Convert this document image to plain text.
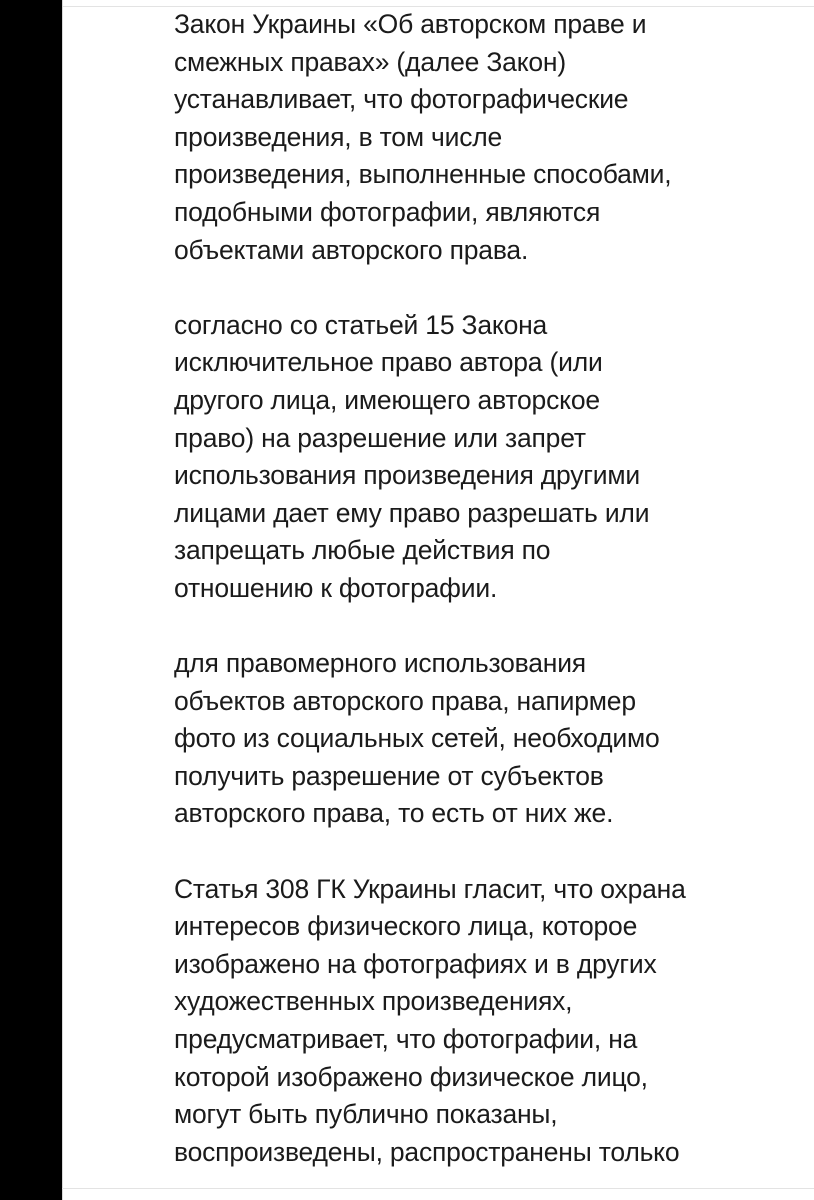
Закон Украины «Об авторском праве и
смежных правах» (далее Закон)
устанавливает, что фотографические
произведения, в том числе
произведения, выполненные способами,
подобными фотографии, являются
объектами авторского права.

согласно со статьей 15 Закона
исключительное право автора (или
другого лица, имеющего авторское
право) на разрешение или запрет
использования произведения другими
лицами дает ему право разрешать или
запрещать любые действия по
отношению к фотографии.

для правомерного использования
объектов авторского права, напирмер
фото из социальных сетей, необходимо
получить разрешение от субъектов
авторского права, то есть от них же.

Статья 308 ГК Украины гласит, что охрана
интересов физического лица, которое
изображено на фотографиях и в других
художественных произведениях,
предусматривает, что фотографии, на
которой изображено физическое лицо,
могут быть публично показаны,
воспроизведены, распространены только
